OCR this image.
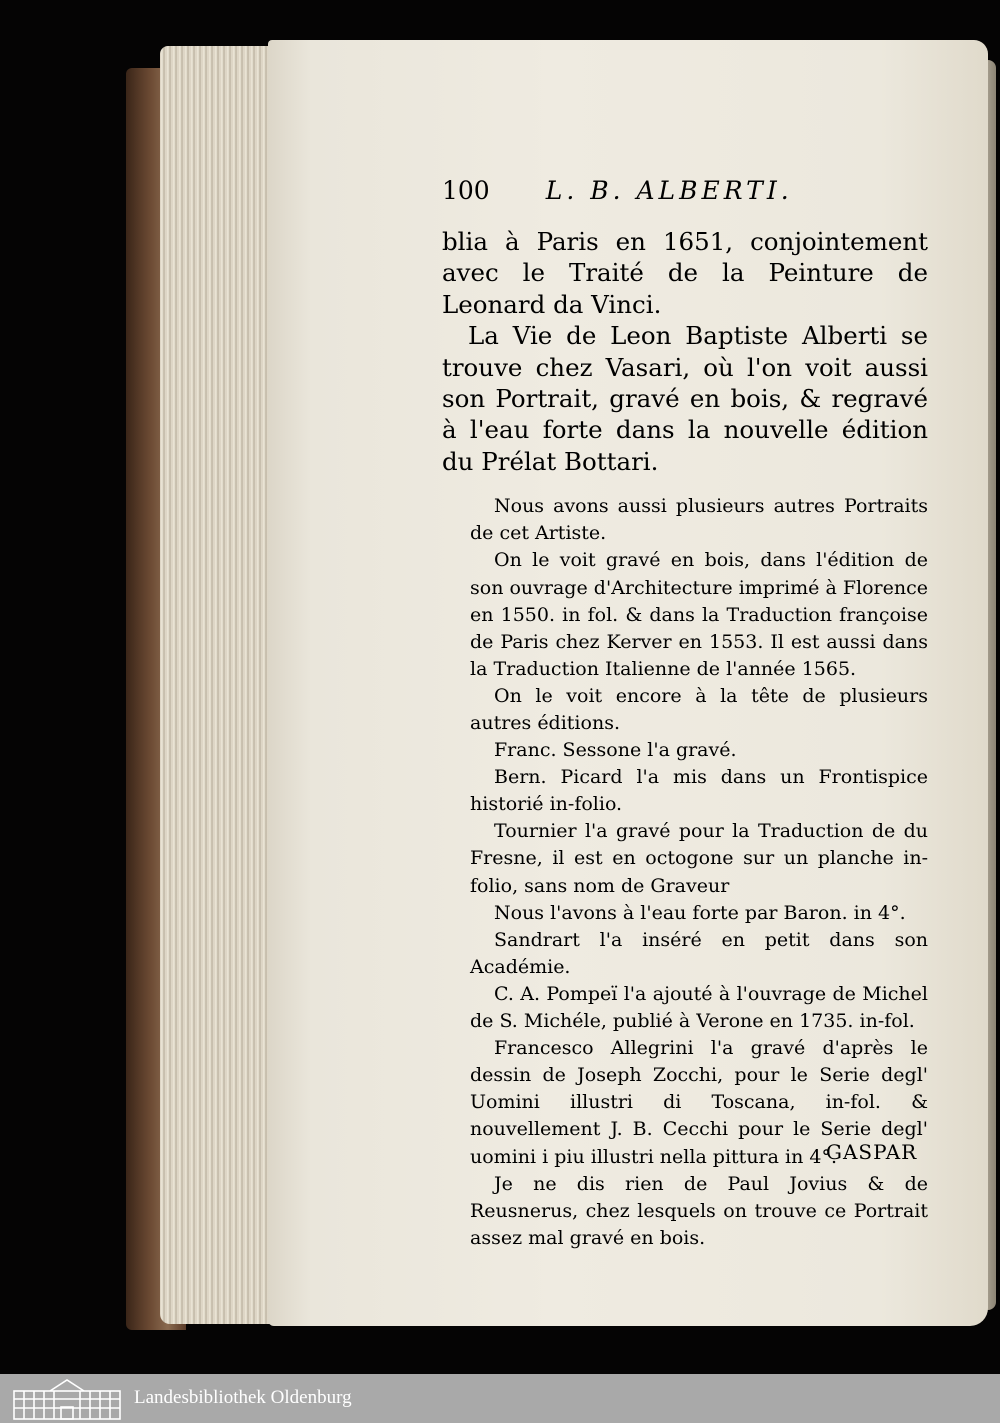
100 L. B. ALBERTI.

blia à Paris en 1651, conjointement avec le Traité de la Peinture de Leonard da Vinci.

La Vie de Leon Baptiste Alberti se trouve chez Vasari, où l'on voit aussi son Portrait, gravé en bois, & regravé à l'eau forte dans la nouvelle édition du Prélat Bottari.

Nous avons aussi plusieurs autres Portraits de cet Artiste.

On le voit gravé en bois, dans l'édition de son ouvrage d'Architecture imprimé à Florence en 1550. in fol. & dans la Traduction françoise de Paris chez Kerver en 1553. Il est aussi dans la Traduction Italienne de l'année 1565.

On le voit encore à la tête de plusieurs autres éditions.

Franc. Sessone l'a gravé.

Bern. Picard l'a mis dans un Frontispice historié in-folio.

Tournier l'a gravé pour la Traduction de du Fresne, il est en octogone sur un planche in-folio, sans nom de Graveur

Nous l'avons à l'eau forte par Baron. in 4°.

Sandrart l'a inséré en petit dans son Académie.

C. A. Pompeï l'a ajouté à l'ouvrage de Michel de S. Michéle, publié à Verone en 1735. in-fol.

Francesco Allegrini l'a gravé d'après le dessin de Joseph Zocchi, pour le Serie degl' Uomini illustri di Toscana, in-fol. & nouvellement J. B. Cecchi pour le Serie degl' uomini i piu illustri nella pittura in 4°.

Je ne dis rien de Paul Jovius & de Reusnerus, chez lesquels on trouve ce Portrait assez mal gravé en bois.

GASPAR
Landesbibliothek Oldenburg
